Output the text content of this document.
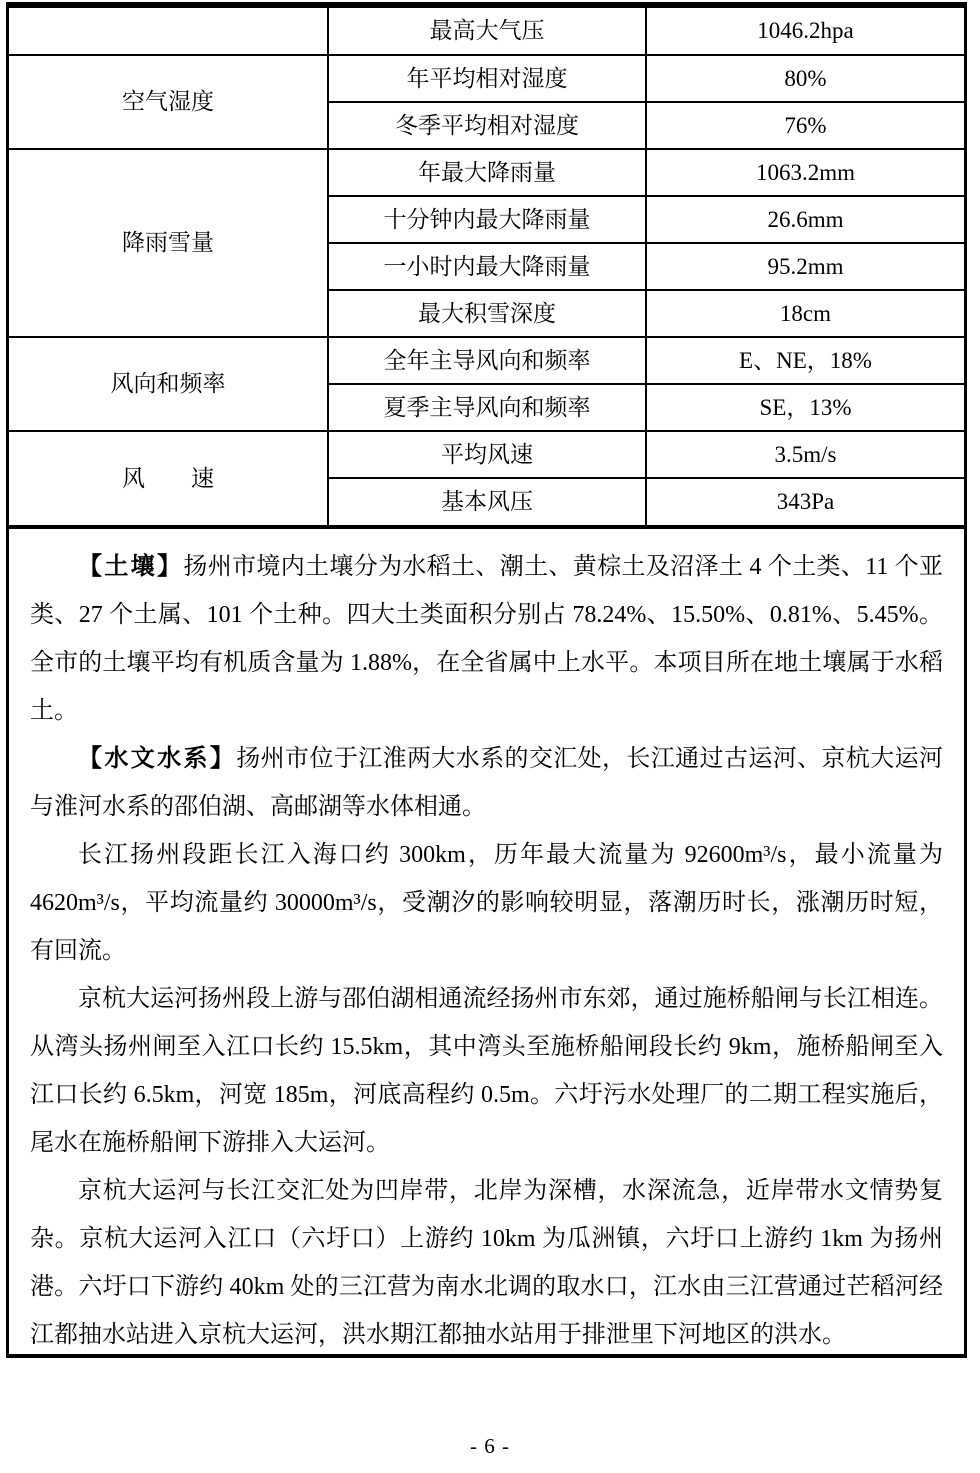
	最高大气压	1046.2hpa
空气湿度	年平均相对湿度	80%
	冬季平均相对湿度	76%
降雨雪量	年最大降雨量	1063.2mm
	十分钟内最大降雨量	26.6mm
	一小时内最大降雨量	95.2mm
	最大积雪深度	18cm
风向和频率	全年主导风向和频率	E、NE，18%
	夏季主导风向和频率	SE，13%
风　　速	平均风速	3.5m/s
	基本风压	343Pa

【土壤】扬州市境内土壤分为水稻土、潮土、黄棕土及沼泽土 4 个土类、11 个亚类、27 个土属、101 个土种。四大土类面积分别占 78.24%、15.50%、0.81%、5.45%。全市的土壤平均有机质含量为 1.88%，在全省属中上水平。本项目所在地土壤属于水稻土。

【水文水系】扬州市位于江淮两大水系的交汇处，长江通过古运河、京杭大运河与淮河水系的邵伯湖、高邮湖等水体相通。

长江扬州段距长江入海口约 300km，历年最大流量为 92600m³/s，最小流量为 4620m³/s，平均流量约 30000m³/s，受潮汐的影响较明显，落潮历时长，涨潮历时短，有回流。

京杭大运河扬州段上游与邵伯湖相通流经扬州市东郊，通过施桥船闸与长江相连。从湾头扬州闸至入江口长约 15.5km，其中湾头至施桥船闸段长约 9km，施桥船闸至入江口长约 6.5km，河宽 185m，河底高程约 0.5m。六圩污水处理厂的二期工程实施后，尾水在施桥船闸下游排入大运河。

京杭大运河与长江交汇处为凹岸带，北岸为深槽，水深流急，近岸带水文情势复杂。京杭大运河入江口（六圩口）上游约 10km 为瓜洲镇，六圩口上游约 1km 为扬州港。六圩口下游约 40km 处的三江营为南水北调的取水口，江水由三江营通过芒稻河经江都抽水站进入京杭大运河，洪水期江都抽水站用于排泄里下河地区的洪水。

- 6 -
